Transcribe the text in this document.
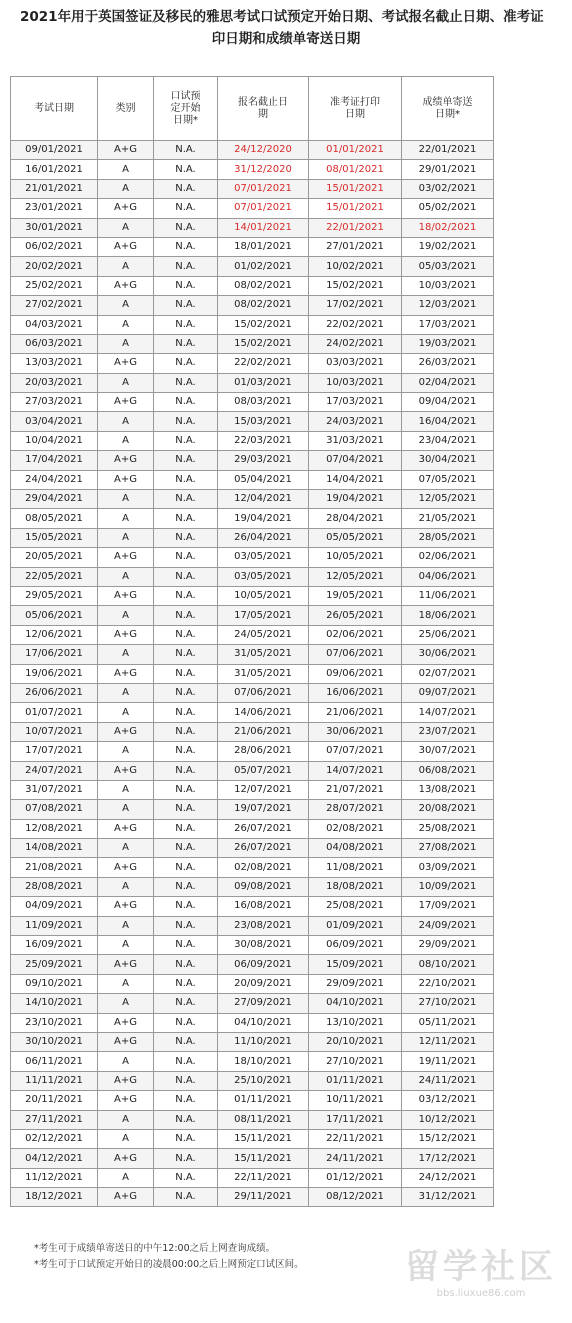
2021年用于英国签证及移民的雅思考试口试预定开始日期、考试报名截止日期、准考证
印日期和成绩单寄送日期
考试日期	类别	口试预定开始日期*	报名截止日期	准考证打印日期	成绩单寄送日期*
09/01/2021	A+G	N.A.	24/12/2020	01/01/2021	22/01/2021
16/01/2021	A	N.A.	31/12/2020	08/01/2021	29/01/2021
21/01/2021	A	N.A.	07/01/2021	15/01/2021	03/02/2021
23/01/2021	A+G	N.A.	07/01/2021	15/01/2021	05/02/2021
30/01/2021	A	N.A.	14/01/2021	22/01/2021	18/02/2021
06/02/2021	A+G	N.A.	18/01/2021	27/01/2021	19/02/2021
20/02/2021	A	N.A.	01/02/2021	10/02/2021	05/03/2021
25/02/2021	A+G	N.A.	08/02/2021	15/02/2021	10/03/2021
27/02/2021	A	N.A.	08/02/2021	17/02/2021	12/03/2021
04/03/2021	A	N.A.	15/02/2021	22/02/2021	17/03/2021
06/03/2021	A	N.A.	15/02/2021	24/02/2021	19/03/2021
13/03/2021	A+G	N.A.	22/02/2021	03/03/2021	26/03/2021
20/03/2021	A	N.A.	01/03/2021	10/03/2021	02/04/2021
27/03/2021	A+G	N.A.	08/03/2021	17/03/2021	09/04/2021
03/04/2021	A	N.A.	15/03/2021	24/03/2021	16/04/2021
10/04/2021	A	N.A.	22/03/2021	31/03/2021	23/04/2021
17/04/2021	A+G	N.A.	29/03/2021	07/04/2021	30/04/2021
24/04/2021	A+G	N.A.	05/04/2021	14/04/2021	07/05/2021
29/04/2021	A	N.A.	12/04/2021	19/04/2021	12/05/2021
08/05/2021	A	N.A.	19/04/2021	28/04/2021	21/05/2021
15/05/2021	A	N.A.	26/04/2021	05/05/2021	28/05/2021
20/05/2021	A+G	N.A.	03/05/2021	10/05/2021	02/06/2021
22/05/2021	A	N.A.	03/05/2021	12/05/2021	04/06/2021
29/05/2021	A+G	N.A.	10/05/2021	19/05/2021	11/06/2021
05/06/2021	A	N.A.	17/05/2021	26/05/2021	18/06/2021
12/06/2021	A+G	N.A.	24/05/2021	02/06/2021	25/06/2021
17/06/2021	A	N.A.	31/05/2021	07/06/2021	30/06/2021
19/06/2021	A+G	N.A.	31/05/2021	09/06/2021	02/07/2021
26/06/2021	A	N.A.	07/06/2021	16/06/2021	09/07/2021
01/07/2021	A	N.A.	14/06/2021	21/06/2021	14/07/2021
10/07/2021	A+G	N.A.	21/06/2021	30/06/2021	23/07/2021
17/07/2021	A	N.A.	28/06/2021	07/07/2021	30/07/2021
24/07/2021	A+G	N.A.	05/07/2021	14/07/2021	06/08/2021
31/07/2021	A	N.A.	12/07/2021	21/07/2021	13/08/2021
07/08/2021	A	N.A.	19/07/2021	28/07/2021	20/08/2021
12/08/2021	A+G	N.A.	26/07/2021	02/08/2021	25/08/2021
14/08/2021	A	N.A.	26/07/2021	04/08/2021	27/08/2021
21/08/2021	A+G	N.A.	02/08/2021	11/08/2021	03/09/2021
28/08/2021	A	N.A.	09/08/2021	18/08/2021	10/09/2021
04/09/2021	A+G	N.A.	16/08/2021	25/08/2021	17/09/2021
11/09/2021	A	N.A.	23/08/2021	01/09/2021	24/09/2021
16/09/2021	A	N.A.	30/08/2021	06/09/2021	29/09/2021
25/09/2021	A+G	N.A.	06/09/2021	15/09/2021	08/10/2021
09/10/2021	A	N.A.	20/09/2021	29/09/2021	22/10/2021
14/10/2021	A	N.A.	27/09/2021	04/10/2021	27/10/2021
23/10/2021	A+G	N.A.	04/10/2021	13/10/2021	05/11/2021
30/10/2021	A+G	N.A.	11/10/2021	20/10/2021	12/11/2021
06/11/2021	A	N.A.	18/10/2021	27/10/2021	19/11/2021
11/11/2021	A+G	N.A.	25/10/2021	01/11/2021	24/11/2021
20/11/2021	A+G	N.A.	01/11/2021	10/11/2021	03/12/2021
27/11/2021	A	N.A.	08/11/2021	17/11/2021	10/12/2021
02/12/2021	A	N.A.	15/11/2021	22/11/2021	15/12/2021
04/12/2021	A+G	N.A.	15/11/2021	24/11/2021	17/12/2021
11/12/2021	A	N.A.	22/11/2021	01/12/2021	24/12/2021
18/12/2021	A+G	N.A.	29/11/2021	08/12/2021	31/12/2021
*考生可于成绩单寄送日的中午12:00之后上网查询成绩。
*考生可于口试预定开始日的凌晨00:00之后上网预定口试区间。	留学社区
bbs.liuxue86.com
